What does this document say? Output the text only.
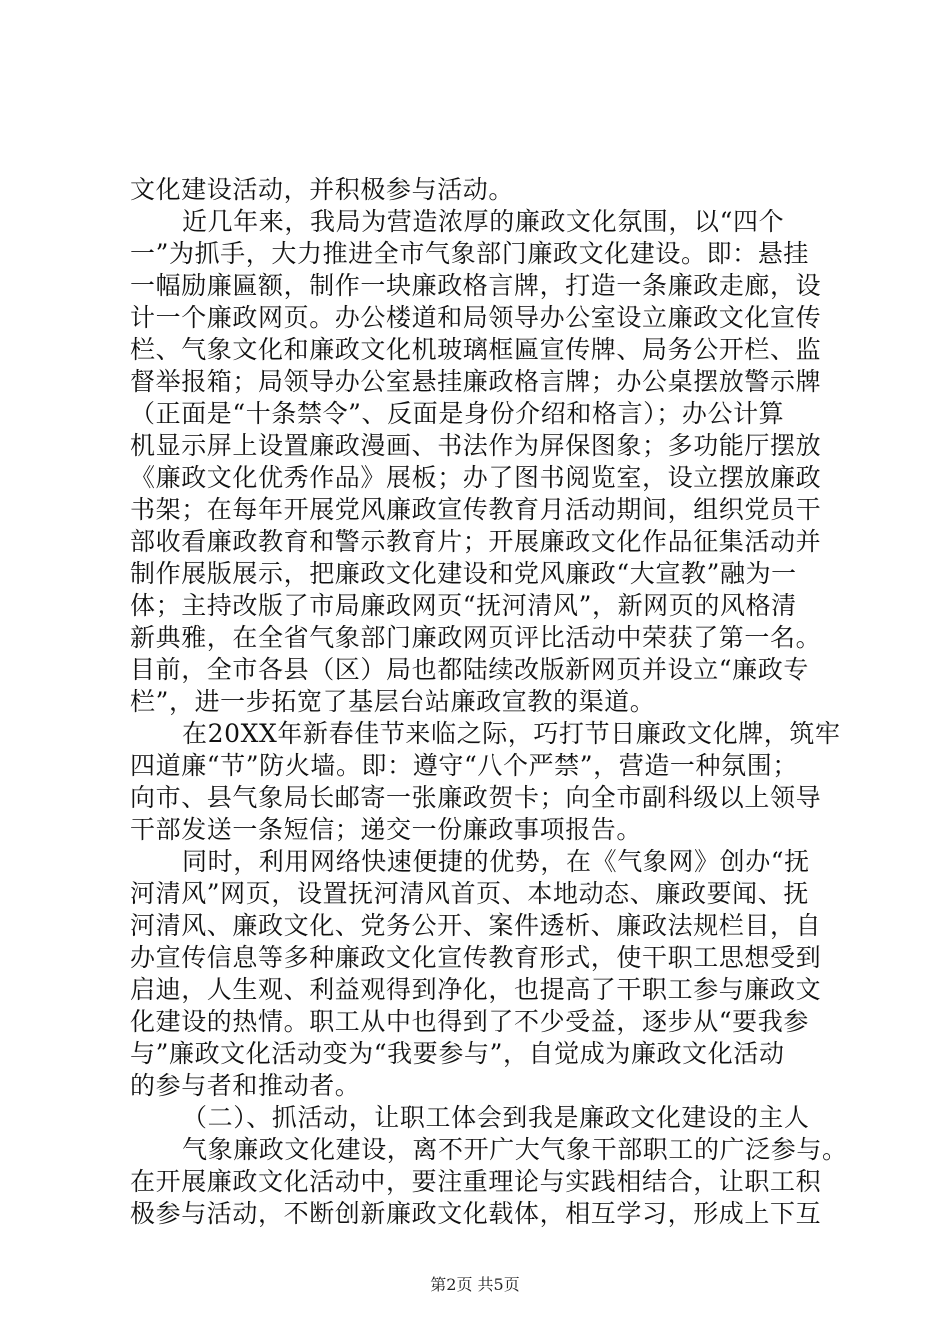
文化建设活动，并积极参与活动。
近几年来，我局为营造浓厚的廉政文化氛围，以“四个
一”为抓手，大力推进全市气象部门廉政文化建设。即：悬挂
一幅励廉匾额，制作一块廉政格言牌，打造一条廉政走廊，设
计一个廉政网页。办公楼道和局领导办公室设立廉政文化宣传
栏、气象文化和廉政文化机玻璃框匾宣传牌、局务公开栏、监
督举报箱；局领导办公室悬挂廉政格言牌；办公桌摆放警示牌
（正面是“十条禁令”、反面是身份介绍和格言）；办公计算
机显示屏上设置廉政漫画、书法作为屏保图象；多功能厅摆放
《廉政文化优秀作品》展板；办了图书阅览室，设立摆放廉政
书架；在每年开展党风廉政宣传教育月活动期间，组织党员干
部收看廉政教育和警示教育片；开展廉政文化作品征集活动并
制作展版展示，把廉政文化建设和党风廉政“大宣教”融为一
体；主持改版了市局廉政网页“抚河清风”，新网页的风格清
新典雅，在全省气象部门廉政网页评比活动中荣获了第一名。
目前，全市各县（区）局也都陆续改版新网页并设立“廉政专
栏”，进一步拓宽了基层台站廉政宣教的渠道。
在20XX年新春佳节来临之际，巧打节日廉政文化牌，筑牢
四道廉“节”防火墙。即：遵守“八个严禁”，营造一种氛围；
向市、县气象局长邮寄一张廉政贺卡；向全市副科级以上领导
干部发送一条短信；递交一份廉政事项报告。
同时，利用网络快速便捷的优势，在《气象网》创办“抚
河清风”网页，设置抚河清风首页、本地动态、廉政要闻、抚
河清风、廉政文化、党务公开、案件透析、廉政法规栏目，自
办宣传信息等多种廉政文化宣传教育形式，使干职工思想受到
启迪，人生观、利益观得到净化，也提高了干职工参与廉政文
化建设的热情。职工从中也得到了不少受益，逐步从“要我参
与”廉政文化活动变为“我要参与”，自觉成为廉政文化活动
的参与者和推动者。
（二）、抓活动，让职工体会到我是廉政文化建设的主人
气象廉政文化建设，离不开广大气象干部职工的广泛参与。
在开展廉政文化活动中，要注重理论与实践相结合，让职工积
极参与活动，不断创新廉政文化载体，相互学习，形成上下互
第2页 共5页
